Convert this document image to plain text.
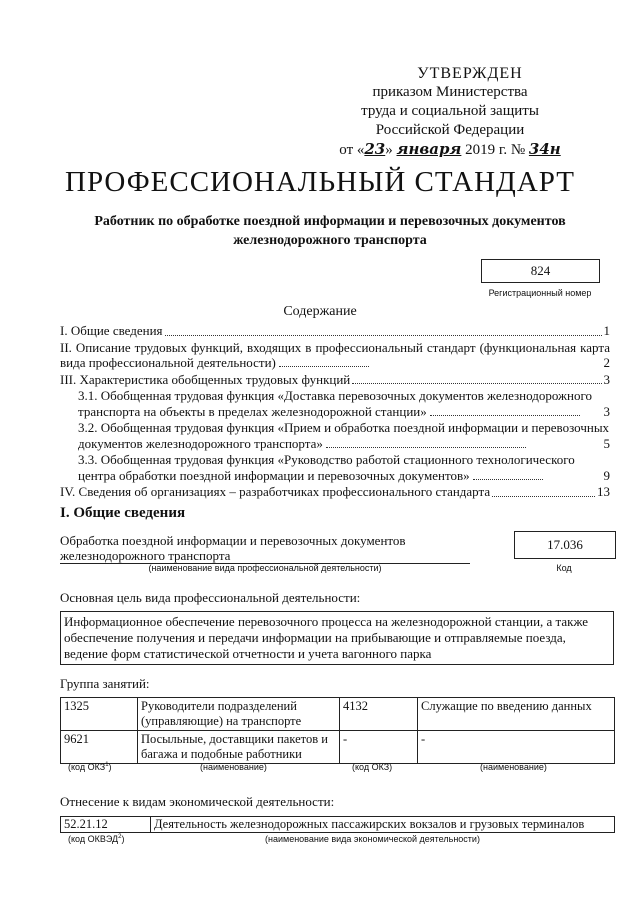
УТВЕРЖДЕН
приказом Министерства
труда и социальной защиты
Российской Федерации
от «23» января 2019 г. № 34н
ПРОФЕССИОНАЛЬНЫЙ СТАНДАРТ
Работник по обработке поездной информации и перевозочных документов
железнодорожного транспорта
824
Регистрационный номер
Содержание
I. Общие сведения	1
II. Описание трудовых функций, входящих в профессиональный стандарт (функциональная карта вида профессиональной деятельности)	2
III. Характеристика обобщенных трудовых функций	3
3.1. Обобщенная трудовая функция «Доставка перевозочных документов железнодорожного транспорта на объекты в пределах железнодорожной станции»	3
3.2. Обобщенная трудовая функция «Прием и обработка поездной информации и перевозочных документов железнодорожного транспорта»	5
3.3. Обобщенная трудовая функция «Руководство работой стационного технологического центра обработки поездной информации и перевозочных документов»	9
IV. Сведения об организациях – разработчиках профессионального стандарта	13
I. Общие сведения
Обработка поездной информации и перевозочных документов
железнодорожного транспорта
(наименование вида профессиональной деятельности)
17.036
Код
Основная цель вида профессиональной деятельности:
Информационное обеспечение перевозочного процесса на железнодорожной станции, а также обеспечение получения и передачи информации на прибывающие и отправляемые поезда, ведение форм статистической отчетности и учета вагонного парка
Группа занятий:
1325	Руководители подразделений (управляющие) на транспорте	4132	Служащие по введению данных
9621	Посыльные, доставщики пакетов и багажа и подобные работники	-	-
(код ОКЗ$^1$)	(наименование)	(код ОКЗ)	(наименование)
Отнесение к видам экономической деятельности:
52.21.12	Деятельность железнодорожных пассажирских вокзалов и грузовых терминалов
(код ОКВЭД$^2$)	(наименование вида экономической деятельности)
